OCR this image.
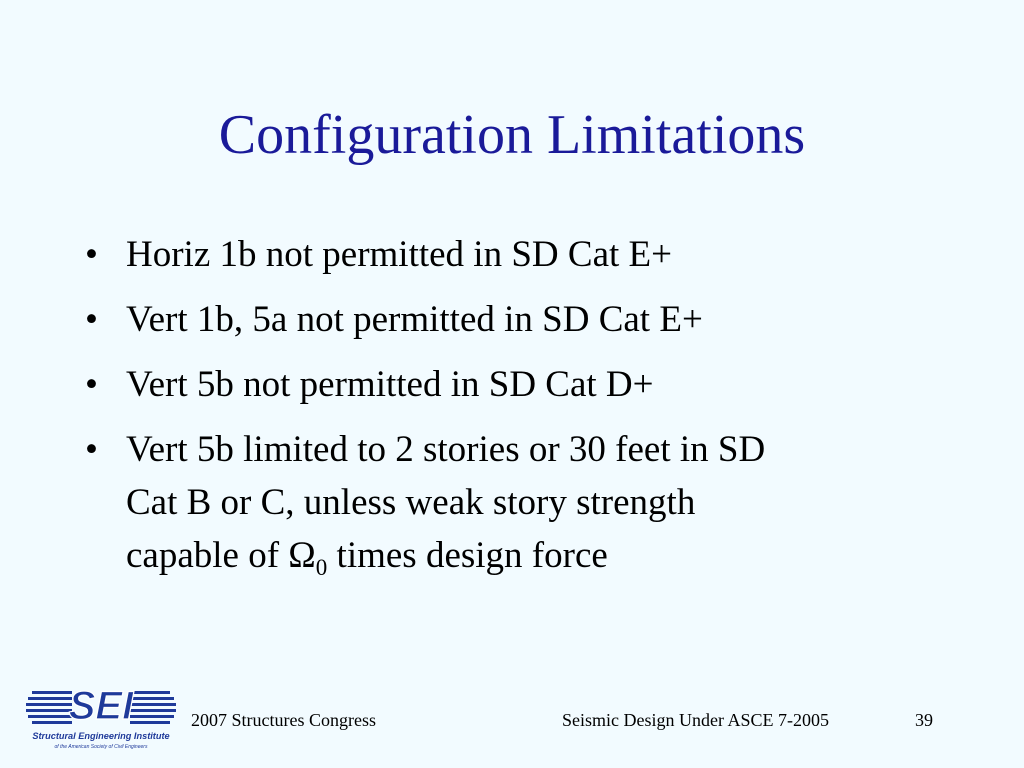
Configuration Limitations
• Horiz 1b not permitted in SD Cat E+
• Vert 1b, 5a not permitted in SD Cat E+
• Vert 5b not permitted in SD Cat D+
• Vert 5b limited to 2 stories or 30 feet in SD
Cat B or C, unless weak story strength
capable of $\Omega_0$ times design force
SEI
Structural Engineering Institute
of the American Society of Civil Engineers
2007 Structures Congress	Seismic Design Under ASCE 7-2005	39
